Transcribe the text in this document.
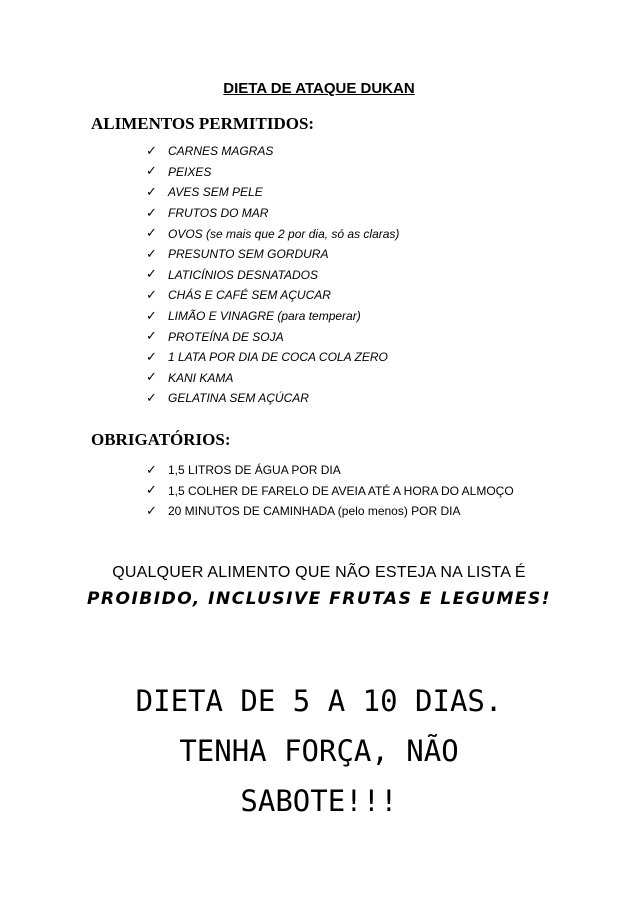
DIETA DE ATAQUE DUKAN
ALIMENTOS PERMITIDOS:
✓ CARNES MAGRAS
✓ PEIXES
✓ AVES SEM PELE
✓ FRUTOS DO MAR
✓ OVOS (se mais que 2 por dia, só as claras)
✓ PRESUNTO SEM GORDURA
✓ LATICÍNIOS DESNATADOS
✓ CHÁS E CAFÉ SEM AÇUCAR
✓ LIMÃO E VINAGRE (para temperar)
✓ PROTEÍNA DE SOJA
✓ 1 LATA POR DIA DE COCA COLA ZERO
✓ KANI KAMA
✓ GELATINA SEM AÇÚCAR
OBRIGATÓRIOS:
✓ 1,5 LITROS DE ÁGUA POR DIA
✓ 1,5 COLHER DE FARELO DE AVEIA ATÉ A HORA DO ALMOÇO
✓ 20 MINUTOS DE CAMINHADA (pelo menos) POR DIA

QUALQUER ALIMENTO QUE NÃO ESTEJA NA LISTA É

PROIBIDO, INCLUSIVE FRUTAS E LEGUMES!

DIETA DE 5 A 10 DIAS.
TENHA FORÇA, NÃO
SABOTE!!!
